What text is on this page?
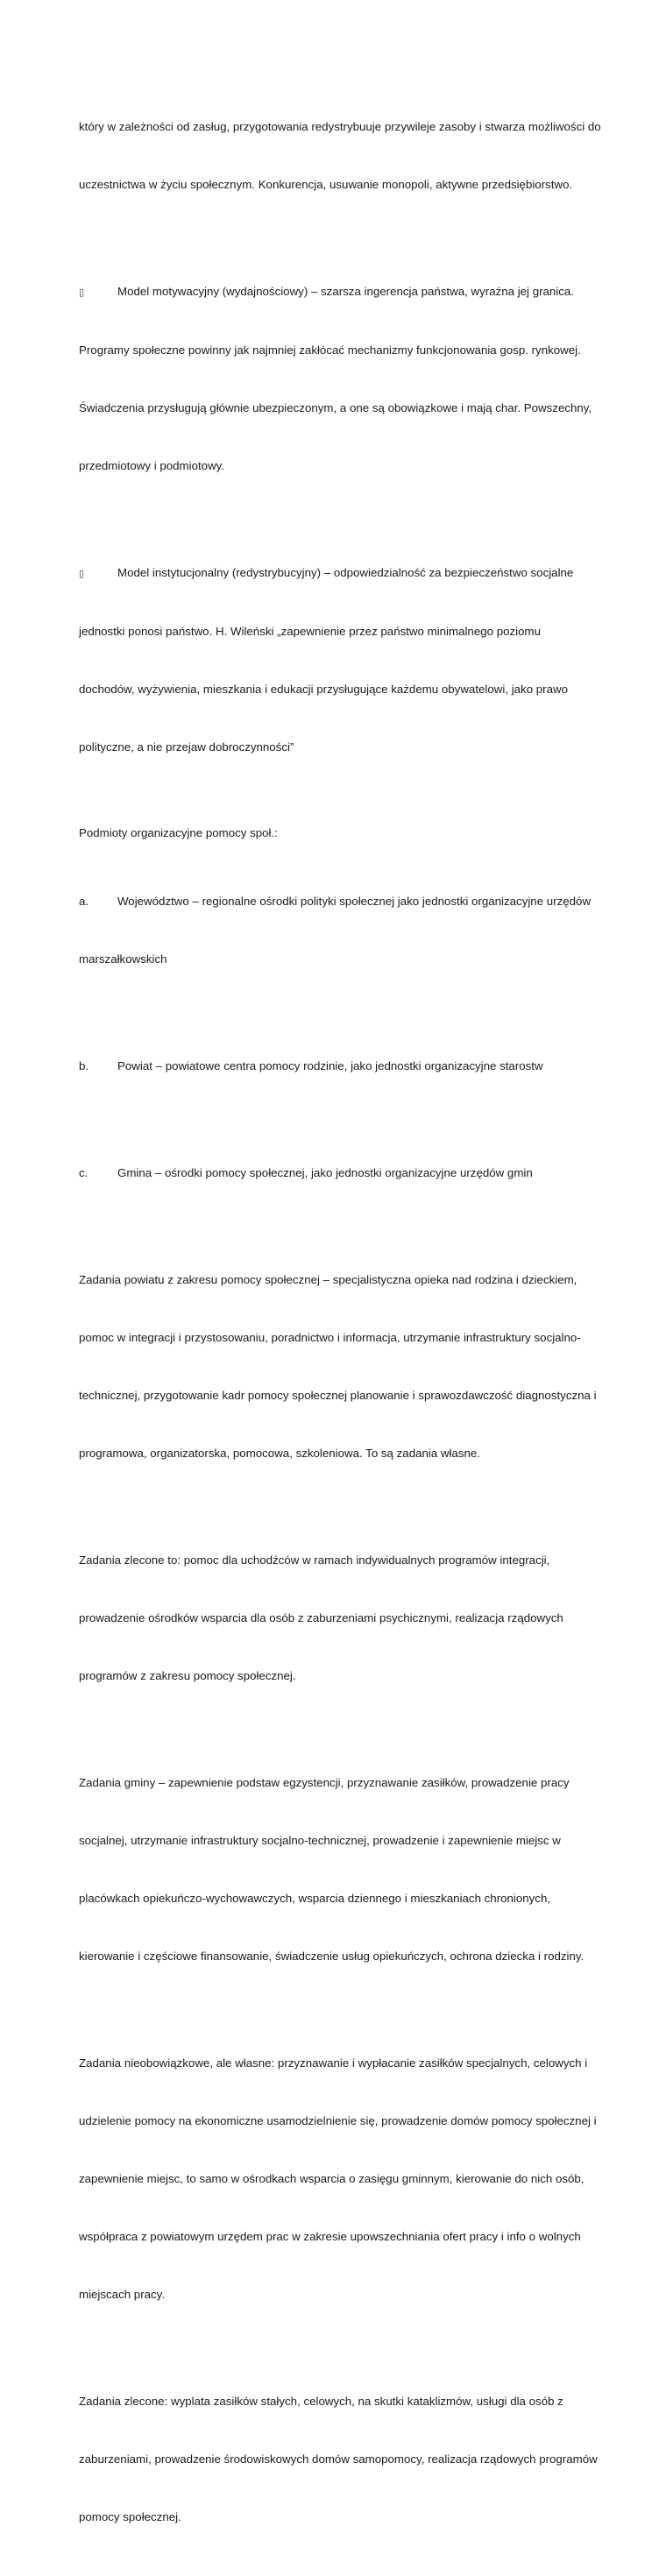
który w zależności od zasług, przygotowania redystrybuuje przywileje zasoby i stwarza możliwości do

uczestnictwa w życiu społecznym. Konkurencja, usuwanie monopoli, aktywne przedsiębiorstwo.

▯	Model motywacyjny (wydajnościowy) – szarsza ingerencja państwa, wyraźna jej granica.

Programy społeczne powinny jak najmniej zakłócać mechanizmy funkcjonowania gosp. rynkowej.

Świadczenia przysługują głównie ubezpieczonym, a one są obowiązkowe i mają char. Powszechny,

przedmiotowy i podmiotowy.

▯	Model instytucjonalny (redystrybucyjny) – odpowiedzialność za bezpieczeństwo socjalne

jednostki ponosi państwo. H. Wileński „zapewnienie przez państwo minimalnego poziomu

dochodów, wyżywienia, mieszkania i edukacji przysługujące każdemu obywatelowi, jako prawo

polityczne, a nie przejaw dobroczynności”

Podmioty organizacyjne pomocy społ.:

a. Województwo – regionalne ośrodki polityki społecznej jako jednostki organizacyjne urzędów

marszałkowskich

b. Powiat – powiatowe centra pomocy rodzinie, jako jednostki organizacyjne starostw

c.	Gmina – ośrodki pomocy społecznej, jako jednostki organizacyjne urzędów gmin

Zadania powiatu z zakresu pomocy społecznej – specjalistyczna opieka nad rodzina i dzieckiem,

pomoc w integracji i przystosowaniu, poradnictwo i informacja, utrzymanie infrastruktury socjalno-

technicznej, przygotowanie kadr pomocy społecznej planowanie i sprawozdawczość diagnostyczna i

programowa, organizatorska, pomocowa, szkoleniowa. To są zadania własne.

Zadania zlecone to: pomoc dla uchodźców w ramach indywidualnych programów integracji,

prowadzenie ośrodków wsparcia dla osób z zaburzeniami psychicznymi, realizacja rządowych

programów z zakresu pomocy społecznej.

Zadania gminy – zapewnienie podstaw egzystencji, przyznawanie zasiłków, prowadzenie pracy

socjalnej, utrzymanie infrastruktury socjalno-technicznej, prowadzenie i zapewnienie miejsc w

placówkach opiekuńczo-wychowawczych, wsparcia dziennego i mieszkaniach chronionych,

kierowanie i częściowe finansowanie, świadczenie usług opiekuńczych, ochrona dziecka i rodziny.

Zadania nieobowiązkowe, ale własne: przyznawanie i wypłacanie zasiłków specjalnych, celowych i

udzielenie pomocy na ekonomiczne usamodzielnienie się, prowadzenie domów pomocy społecznej i

zapewnienie miejsc, to samo w ośrodkach wsparcia o zasięgu gminnym, kierowanie do nich osób,

współpraca z powiatowym urzędem prac w zakresie upowszechniania ofert pracy i info o wolnych

miejscach pracy.

Zadania zlecone: wyplata zasiłków stałych, celowych, na skutki kataklizmów, usługi dla osób z

zaburzeniami, prowadzenie środowiskowych domów samopomocy, realizacja rządowych programów

pomocy społecznej.
